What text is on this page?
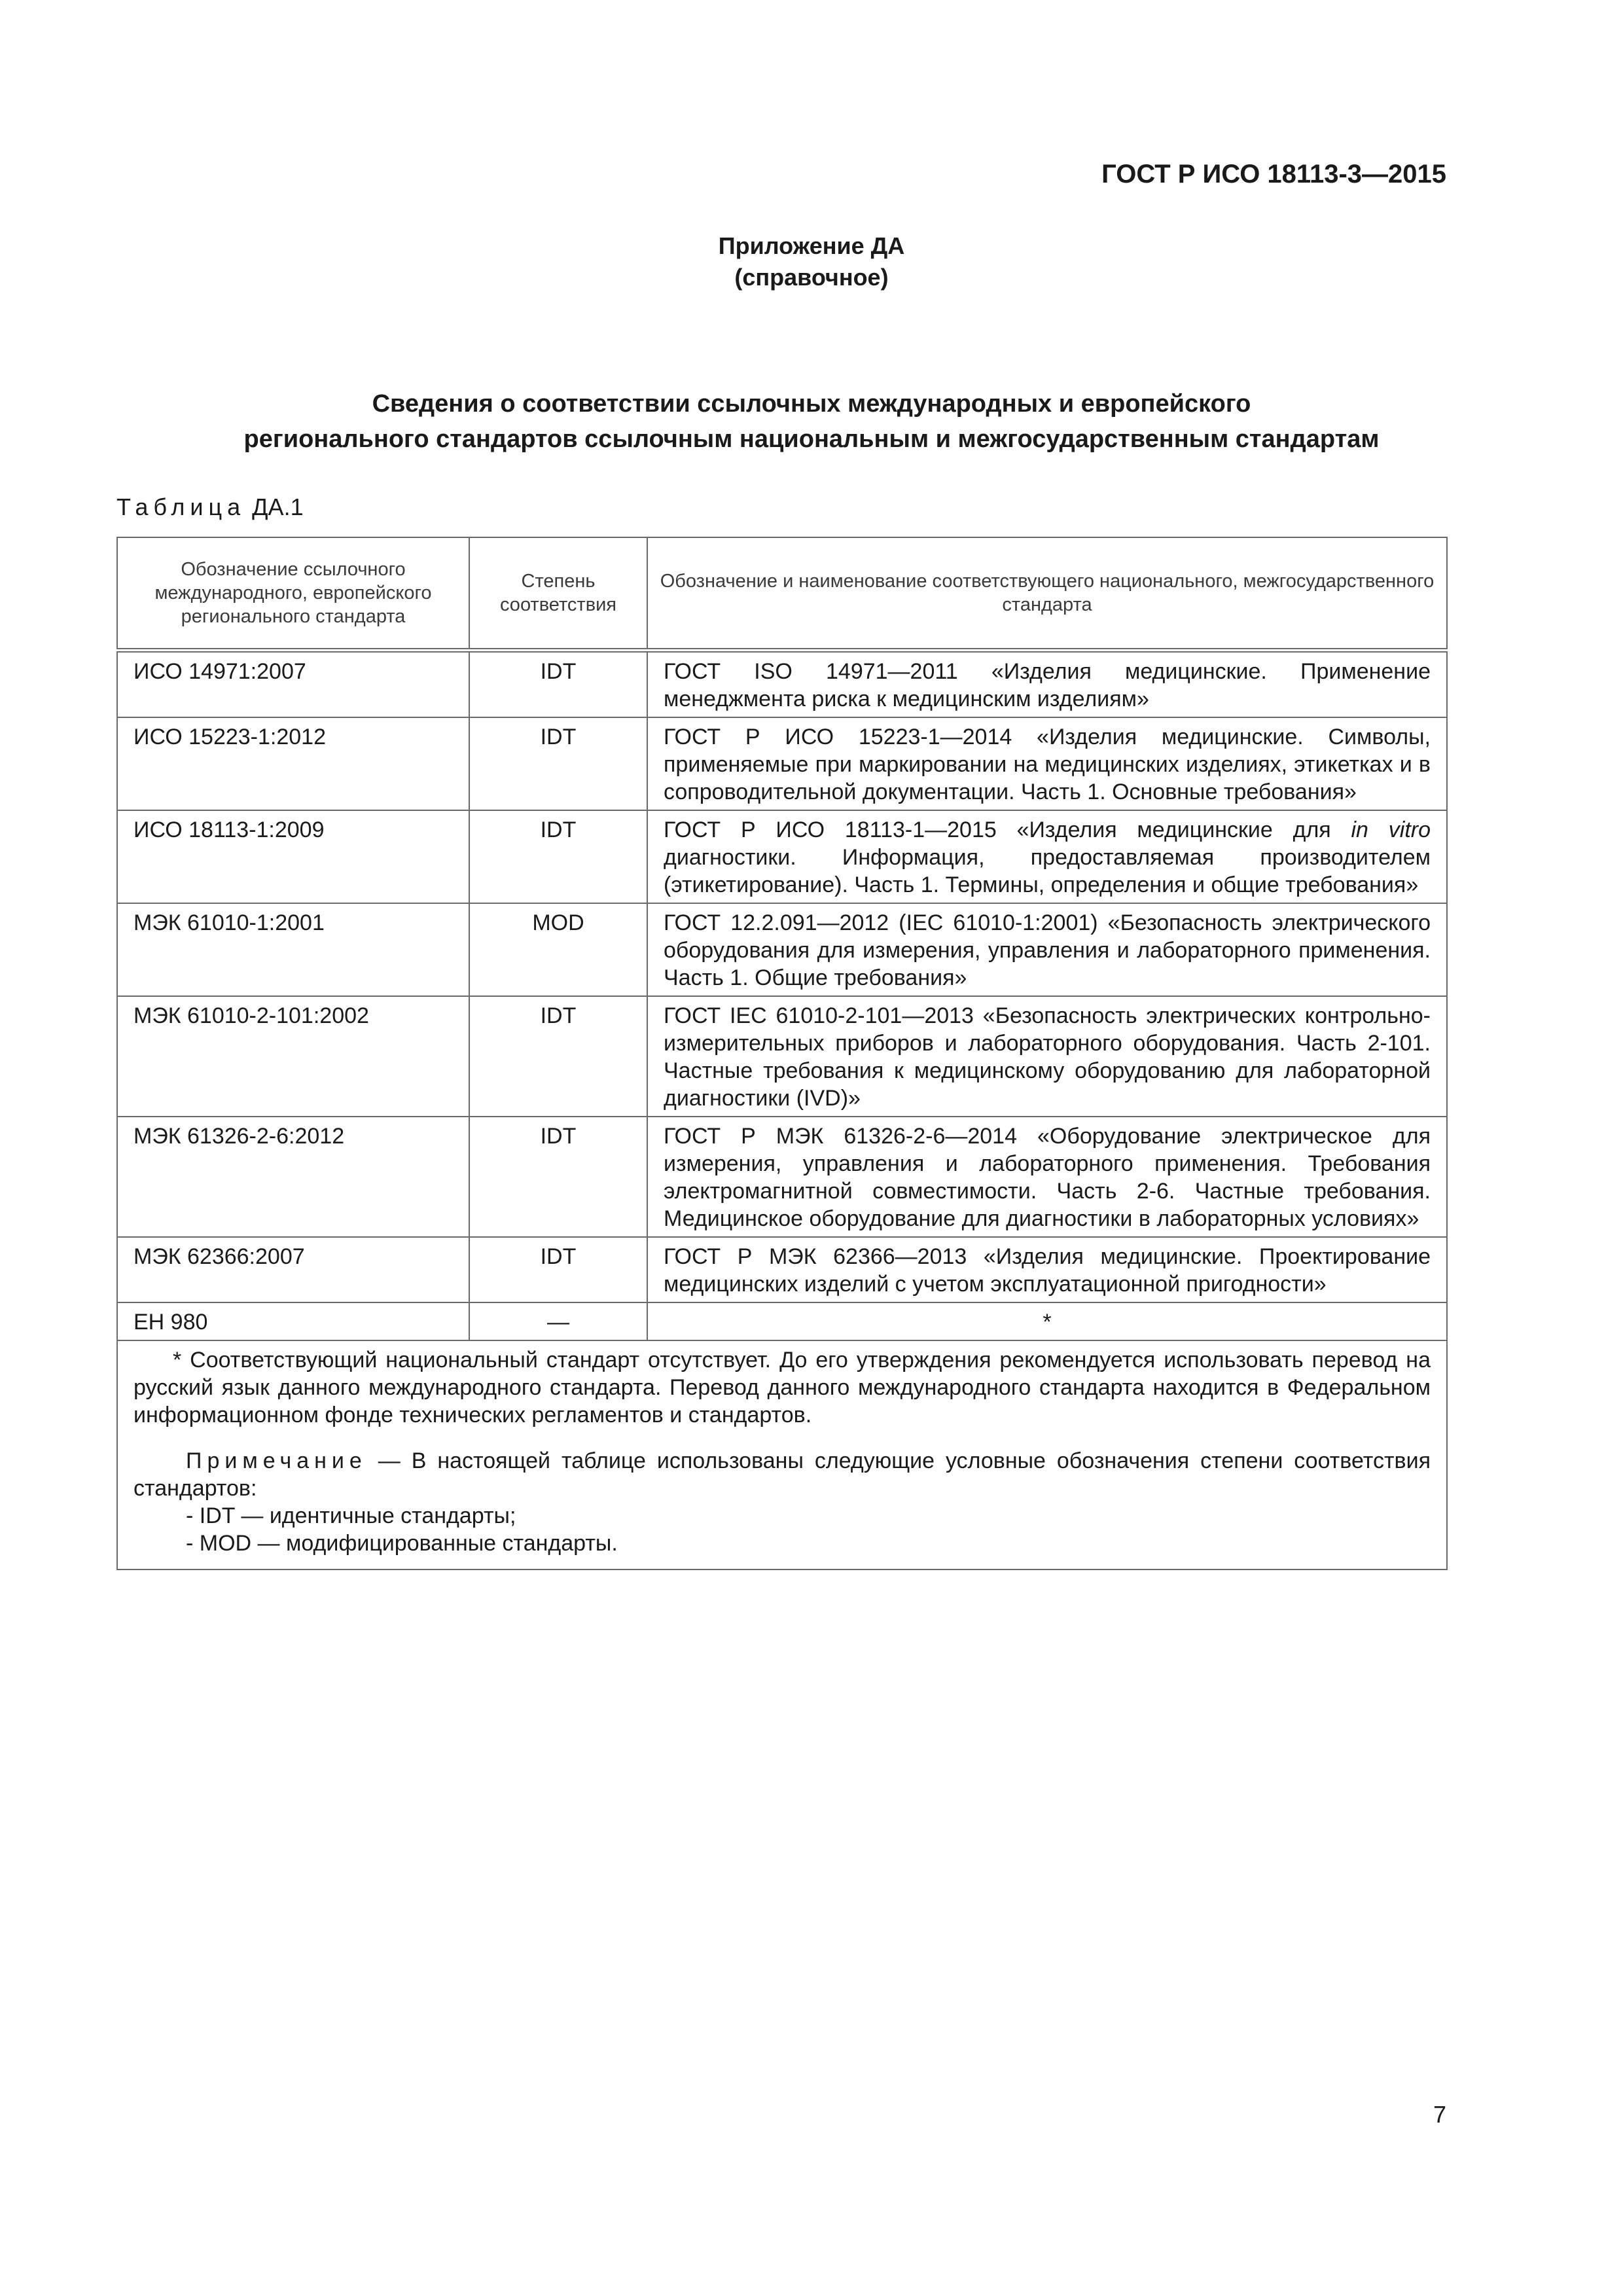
ГОСТ Р ИСО 18113-3—2015
Приложение ДА
(справочное)
Сведения о соответствии ссылочных международных и европейского
регионального стандартов ссылочным национальным и межгосударственным стандартам
Таблица ДА.1
Обозначение ссылочного международного, европейского регионального стандарта	Степень соответствия	Обозначение и наименование соответствующего национального, межгосударственного стандарта
ИСО 14971:2007	IDT	ГОСТ ISO 14971—2011 «Изделия медицинские. Применение менеджмента риска к медицинским изделиям»
ИСО 15223-1:2012	IDT	ГОСТ Р ИСО 15223-1—2014 «Изделия медицинские. Символы, применяемые при маркировании на медицинских изделиях, этикетках и в сопроводительной документации. Часть 1. Основные требования»
ИСО 18113-1:2009	IDT	ГОСТ Р ИСО 18113-1—2015 «Изделия медицинские для in vitro диагностики. Информация, предоставляемая производителем (этикетирование). Часть 1. Термины, определения и общие требования»
МЭК 61010-1:2001	MOD	ГОСТ 12.2.091—2012 (IEC 61010-1:2001) «Безопасность электрического оборудования для измерения, управления и лабораторного применения. Часть 1. Общие требования»
МЭК 61010-2-101:2002	IDT	ГОСТ IEC 61010-2-101—2013 «Безопасность электрических контрольно-измерительных приборов и лабораторного оборудования. Часть 2-101. Частные требования к медицинскому оборудованию для лабораторной диагностики (IVD)»
МЭК 61326-2-6:2012	IDT	ГОСТ Р МЭК 61326-2-6—2014 «Оборудование электрическое для измерения, управления и лабораторного применения. Требования электромагнитной совместимости. Часть 2-6. Частные требования. Медицинское оборудование для диагностики в лабораторных условиях»
МЭК 62366:2007	IDT	ГОСТ Р МЭК 62366—2013 «Изделия медицинские. Проектирование медицинских изделий с учетом эксплуатационной пригодности»
ЕН 980	—	*

* Соответствующий национальный стандарт отсутствует. До его утверждения рекомендуется использовать перевод на русский язык данного международного стандарта. Перевод данного международного стандарта находится в Федеральном информационном фонде технических регламентов и стандартов.

Примечание — В настоящей таблице использованы следующие условные обозначения степени соответствия стандартов:

- IDT — идентичные стандарты;

- MOD — модифицированные стандарты.		

7
